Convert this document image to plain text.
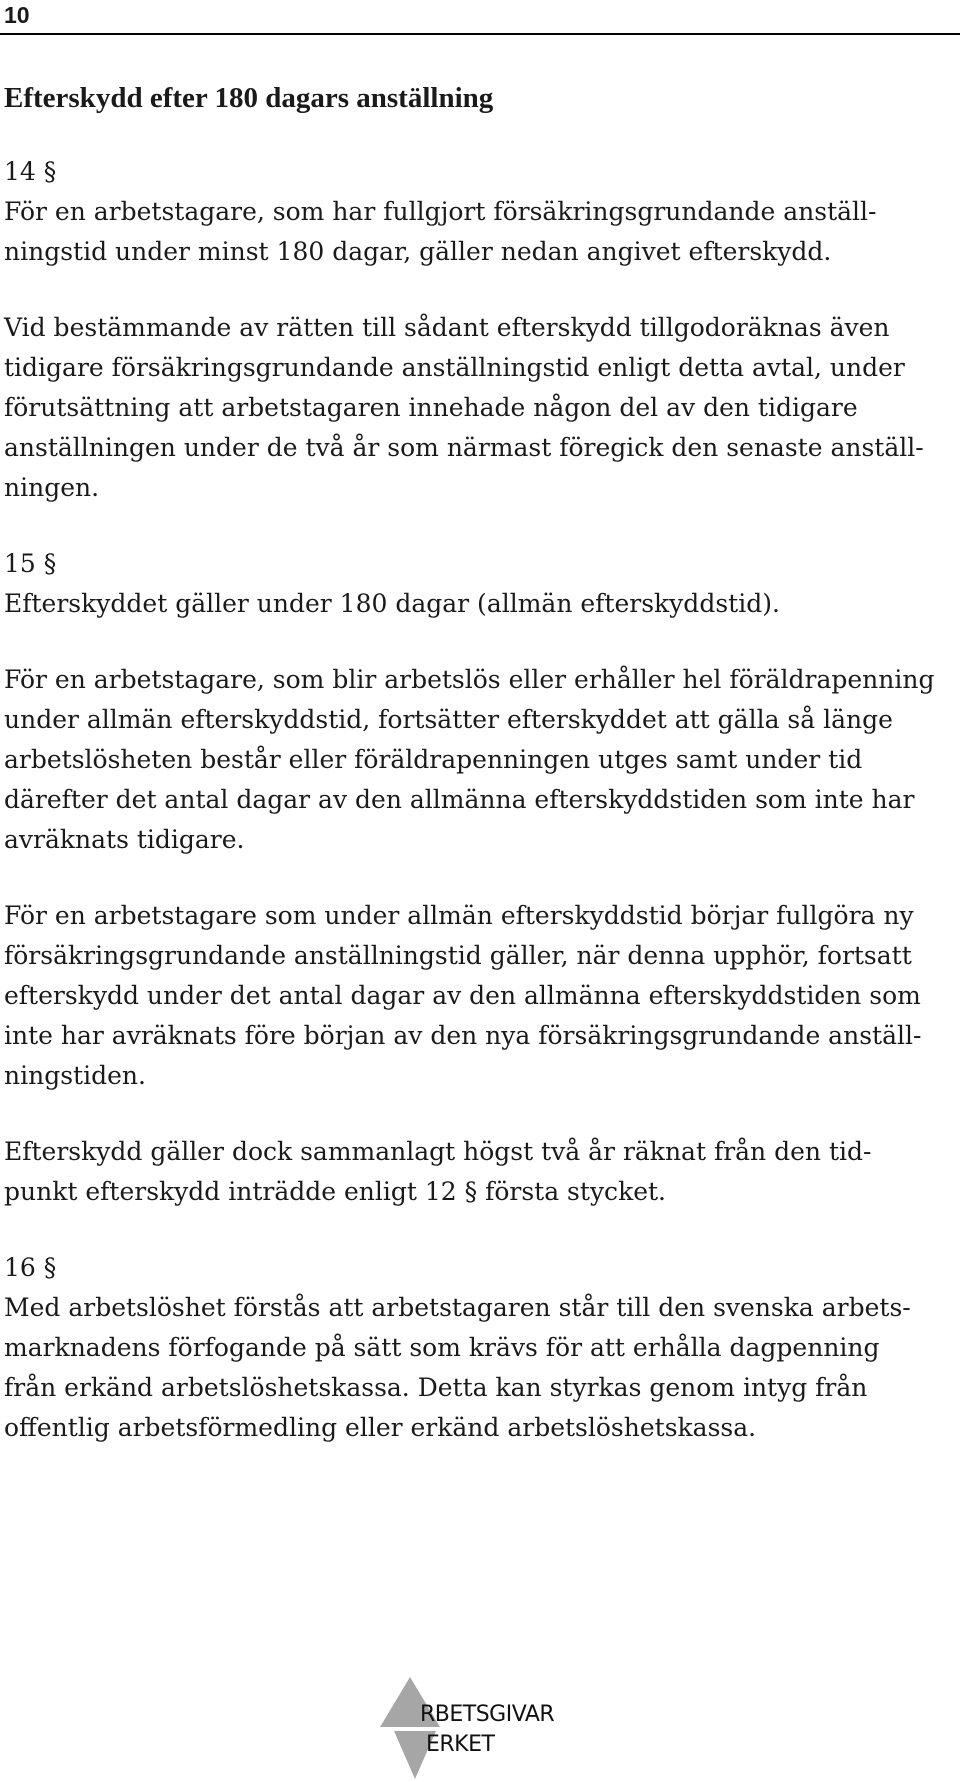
10
Efterskydd efter 180 dagars anställning
14 §
För en arbetstagare, som har fullgjort försäkringsgrundande anställ-
ningstid under minst 180 dagar, gäller nedan angivet efterskydd.
Vid bestämmande av rätten till sådant efterskydd tillgodoräknas även
tidigare försäkringsgrundande anställningstid enligt detta avtal, under
förutsättning att arbetstagaren innehade någon del av den tidigare
anställningen under de två år som närmast föregick den senaste anställ-
ningen.
15 §
Efterskyddet gäller under 180 dagar (allmän efterskyddstid).
För en arbetstagare, som blir arbetslös eller erhåller hel föräldrapenning
under allmän efterskyddstid, fortsätter efterskyddet att gälla så länge
arbetslösheten består eller föräldrapenningen utges samt under tid
därefter det antal dagar av den allmänna efterskyddstiden som inte har
avräknats tidigare.
För en arbetstagare som under allmän efterskyddstid börjar fullgöra ny
försäkringsgrundande anställningstid gäller, när denna upphör, fortsatt
efterskydd under det antal dagar av den allmänna efterskyddstiden som
inte har avräknats före början av den nya försäkringsgrundande anställ-
ningstiden.
Efterskydd gäller dock sammanlagt högst två år räknat från den tid-
punkt efterskydd inträdde enligt 12 § första stycket.
16 §
Med arbetslöshet förstås att arbetstagaren står till den svenska arbets-
marknadens förfogande på sätt som krävs för att erhålla dagpenning
från erkänd arbetslöshetskassa. Detta kan styrkas genom intyg från
offentlig arbetsförmedling eller erkänd arbetslöshetskassa.
RBETSGIVAR
ERKET
